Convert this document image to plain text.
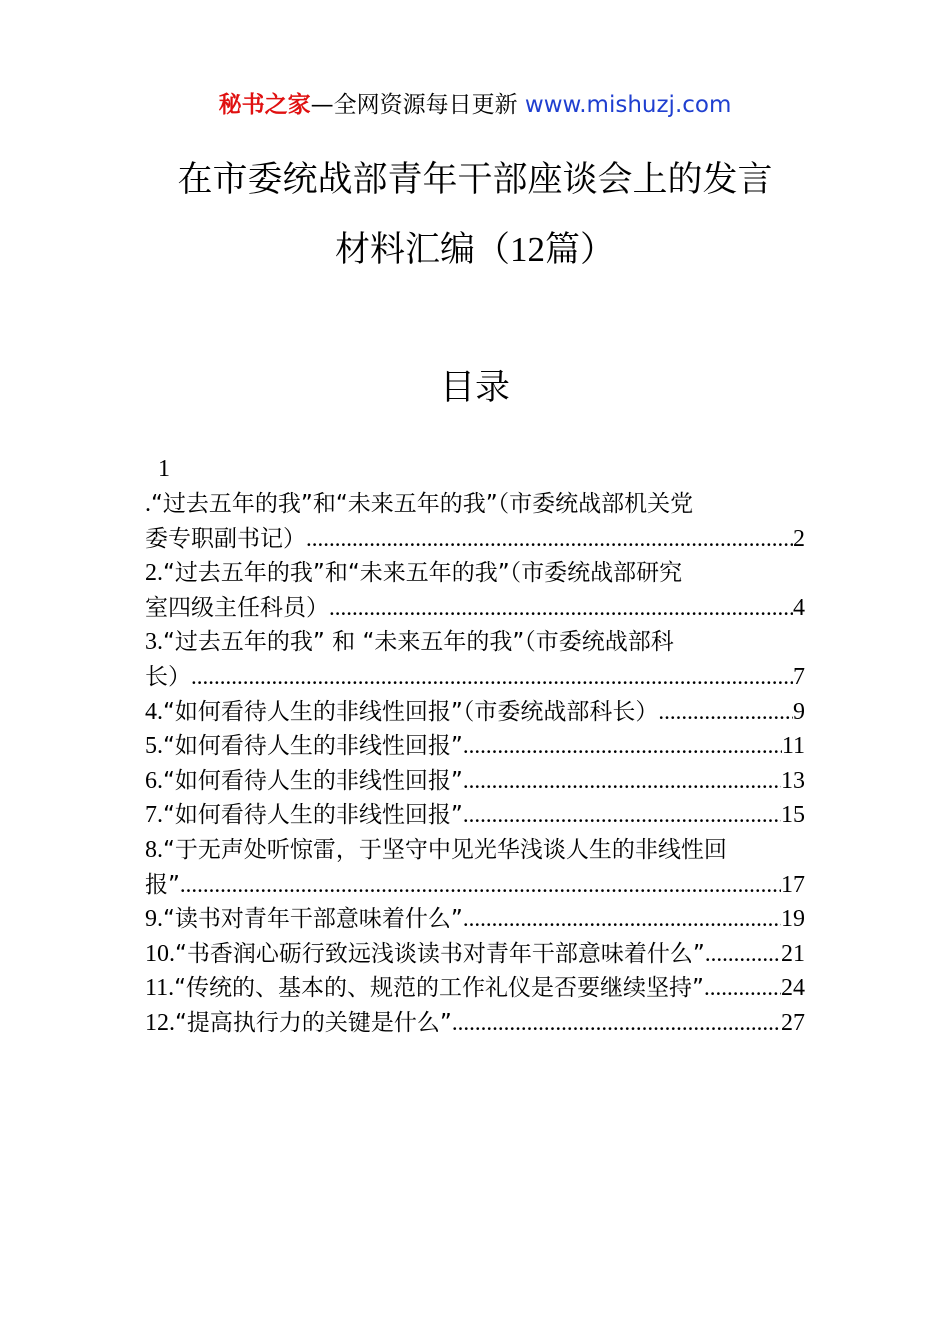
秘书之家—全网资源每日更新 www.mishuzj.com
在市委统战部青年干部座谈会上的发言
材料汇编（12篇）
目录
1
. “过去五年的我”和“未来五年的我”（市委统战部机关党
委专职副书记） .....	2
2. “过去五年的我”和“未来五年的我”（市委统战部研究
室四级主任科员） .....	4
3. “过去五年的我” 和 “未来五年的我”（市委统战部科
长） .....	7
4. “如何看待人生的非线性回报”（市委统战部科长） .....	9
5. “如何看待人生的非线性回报” .....	11
6. “如何看待人生的非线性回报” .....	13
7. “如何看待人生的非线性回报” .....	15
8. “于无声处听惊雷，于坚守中见光华浅谈人生的非线性回
报” .....	17
9. “读书对青年干部意味着什么” .....	19
10. “书香润心砺行致远浅谈读书对青年干部意味着什么” .....	21
11. “传统的、基本的、规范的工作礼仪是否要继续坚持” .....	24
12. “提高执行力的关键是什么” .....	27
